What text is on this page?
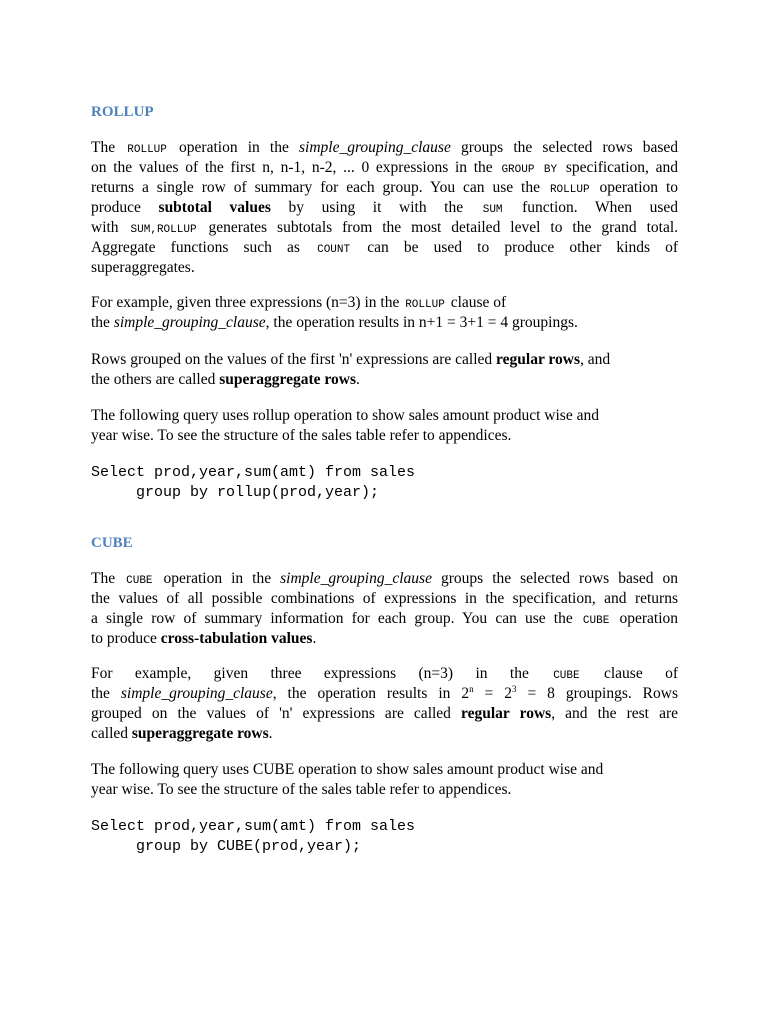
ROLLUP
The ROLLUP operation in the simple_grouping_clause groups the selected rows based
on the values of the first n, n-1, n-2, ... 0 expressions in the GROUP BY specification, and
returns a single row of summary for each group. You can use the ROLLUP operation to
produce subtotal values by using it with the SUM function. When used
with SUM,ROLLUP generates subtotals from the most detailed level to the grand total.
Aggregate functions such as COUNT can be used to produce other kinds of
superaggregates.
For example, given three expressions (n=3) in the ROLLUP clause of
the simple_grouping_clause, the operation results in n+1 = 3+1 = 4 groupings.
Rows grouped on the values of the first 'n' expressions are called regular rows, and
the others are called superaggregate rows.
The following query uses rollup operation to show sales amount product wise and
year wise. To see the structure of the sales table refer to appendices.
Select prod,year,sum(amt) from sales
group by rollup(prod,year);
CUBE
The CUBE operation in the simple_grouping_clause groups the selected rows based on
the values of all possible combinations of expressions in the specification, and returns
a single row of summary information for each group. You can use the CUBE operation
to produce cross-tabulation values.
For example, given three expressions (n=3) in the CUBE clause of
the simple_grouping_clause, the operation results in $2^n = 2^3 = 8$ groupings. Rows
grouped on the values of 'n' expressions are called regular rows, and the rest are
called superaggregate rows.
The following query uses CUBE operation to show sales amount product wise and
year wise. To see the structure of the sales table refer to appendices.
Select prod,year,sum(amt) from sales
group by CUBE(prod,year);
